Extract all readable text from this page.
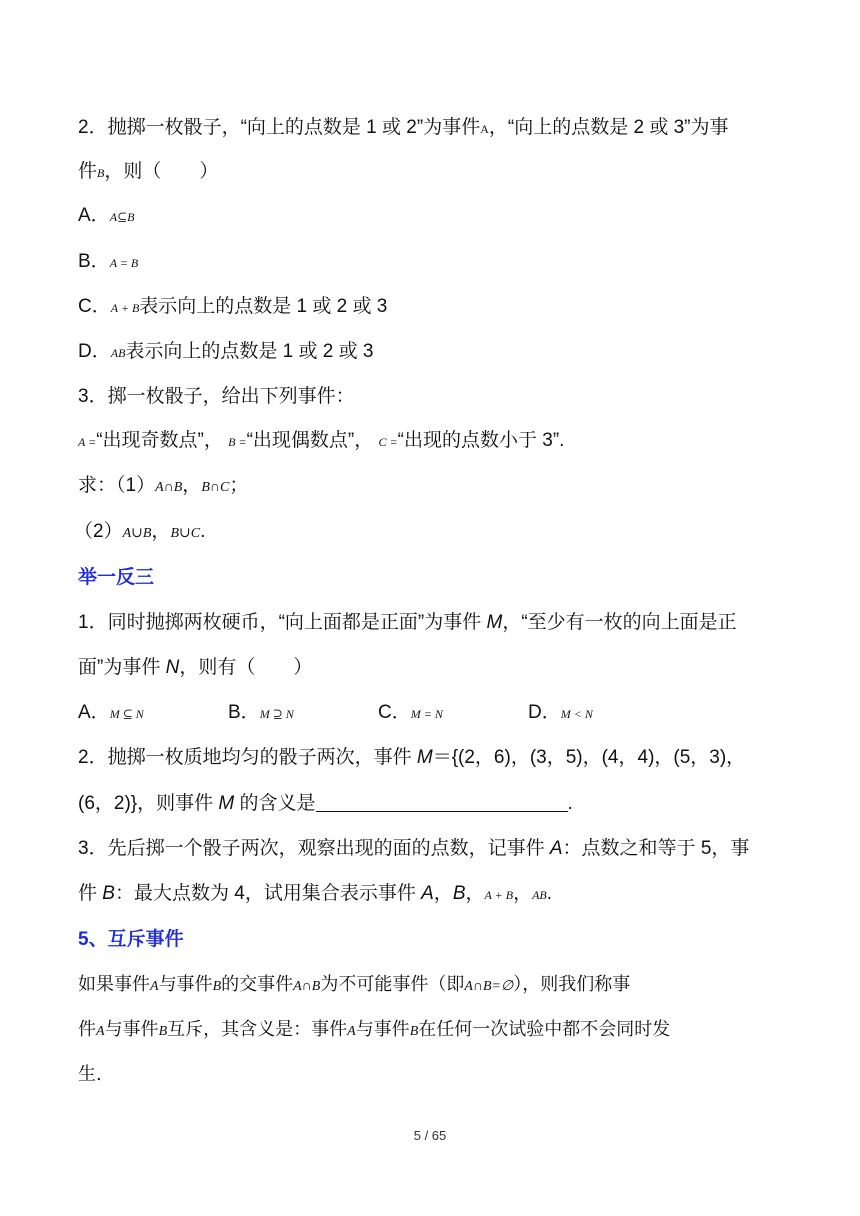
2．抛掷一枚骰子，“向上的点数是 1 或 2”为事件A，“向上的点数是 2 或 3”为事
件B，则（　　）
A．A⊆B
B．A = B
C．A + B表示向上的点数是 1 或 2 或 3
D．AB表示向上的点数是 1 或 2 或 3
3．掷一枚骰子，给出下列事件：
A =“出现奇数点”， B =“出现偶数点”， C =“出现的点数小于 3”.
求：（1）A∩B，B∩C；
（2）A∪B，B∪C.
举一反三
1．同时抛掷两枚硬币，“向上面都是正面”为事件 M，“至少有一枚的向上面是正
面”为事件 N，则有（　　）
A．M ⊆ N	B．M ⊇ N	C．M = N	D．M < N
2．抛掷一枚质地均匀的骰子两次，事件 M＝{(2，6)，(3，5)，(4，4)，(5，3)，
(6，2)}，则事件 M 的含义是	.
3．先后掷一个骰子两次，观察出现的面的点数，记事件 A：点数之和等于 5，事
件 B：最大点数为 4，试用集合表示事件 A，B，A + B，AB.
5、互斥事件
如果事件A与事件B的交事件A∩B为不可能事件（即A∩B=∅），则我们称事
件A与事件B互斥，其含义是：事件A与事件B在任何一次试验中都不会同时发
生.
5 / 65
